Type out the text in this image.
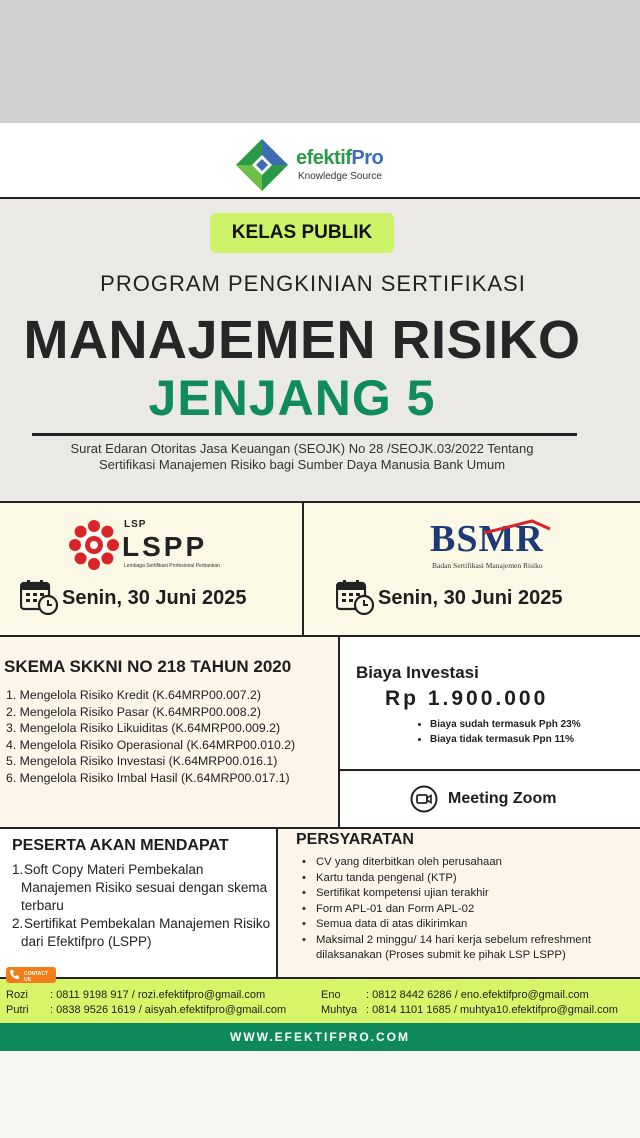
efektifPro
Knowledge Source
KELAS PUBLIK
PROGRAM PENGKINIAN SERTIFIKASI
MANAJEMEN RISIKO
JENJANG 5
Surat Edaran Otoritas Jasa Keuangan (SEOJK) No 28 /SEOJK.03/2022 Tentang
Sertifikasi Manajemen Risiko bagi Sumber Daya Manusia Bank Umum
LSP
LSPP
Lembaga Sertifikasi Profesional Perbankan
Senin, 30 Juni 2025
BSMR
Badan Sertifikasi Manajemen Risiko
Senin, 30 Juni 2025
SKEMA SKKNI NO 218 TAHUN 2020
1. Mengelola Risiko Kredit (K.64MRP00.007.2)
2. Mengelola Risiko Pasar (K.64MRP00.008.2)
3. Mengelola Risiko Likuiditas (K.64MRP00.009.2)
4. Mengelola Risiko Operasional (K.64MRP00.010.2)
5. Mengelola Risiko Investasi (K.64MRP00.016.1)
6. Mengelola Risiko Imbal Hasil (K.64MRP00.017.1)
Biaya Investasi
Rp 1.900.000
• Biaya sudah termasuk Pph 23%
• Biaya tidak termasuk Ppn 11%
Meeting Zoom
PESERTA AKAN MENDAPAT
1.Soft Copy Materi Pembekalan Manajemen Risiko sesuai dengan skema terbaru
2.Sertifikat Pembekalan Manajemen Risiko dari Efektifpro (LSPP)
PERSYARATAN
• CV yang diterbitkan oleh perusahaan
• Kartu tanda pengenal (KTP)
• Sertifikat kompetensi ujian terakhir
• Form APL-01 dan Form APL-02
• Semua data di atas dikirimkan
• Maksimal 2 minggu/ 14 hari kerja sebelum refreshment dilaksanakan (Proses submit ke pihak LSP LSPP)
CONTACT US
Rozi : 0811 9198 917 / rozi.efektifpro@gmail.com
Putri : 0838 9526 1619 / aisyah.efektifpro@gmail.com
Eno : 0812 8442 6286 / eno.efektifpro@gmail.com
Muhtya : 0814 1101 1685 / muhtya10.efektifpro@gmail.com
WWW.EFEKTIFPRO.COM
